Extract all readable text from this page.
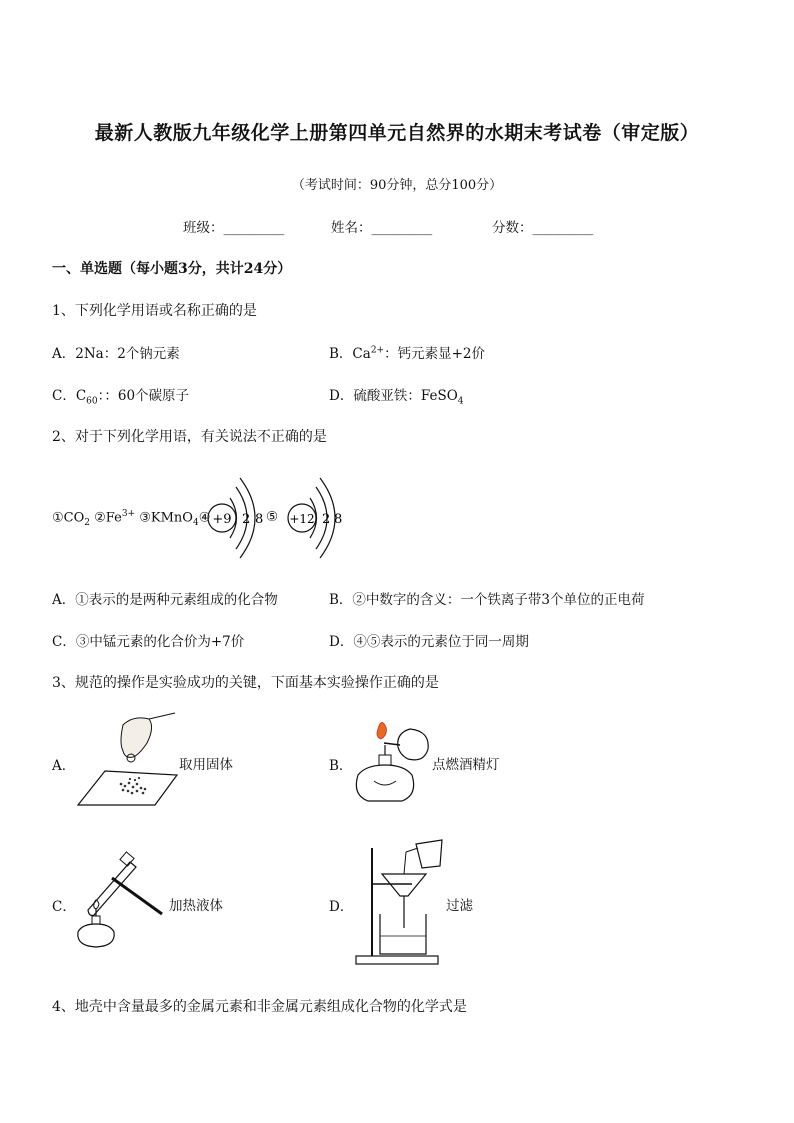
最新人教版九年级化学上册第四单元自然界的水期末考试卷（审定版）
（考试时间：90分钟，总分100分）
班级：_________	姓名：_________	分数：_________
一、单选题（每小题3分，共计24分）
1、下列化学用语或名称正确的是
A．2Na：2个钠元素	B．$Ca^{2+}$：钙元素显+2价
C．$C_{60}$：：60个碳原子	D．硫酸亚铁：FeSO$_4$
2、对于下列化学用语，有关说法不正确的是
$①CO_2$ $②Fe^{3+}$ ③KMnO$_4$④	⑤
+9 2 8 +12 2 8
A．①表示的是两种元素组成的化合物	B．②中数字的含义：一个铁离子带3个单位的正电荷
C．③中锰元素的化合价为+7价	D．④⑤表示的元素位于同一周期
3、规范的操作是实验成功的关键，下面基本实验操作正确的是
A．	取用固体	B．	点燃酒精灯
C．	加热液体	D．	过滤
4、地壳中含量最多的金属元素和非金属元素组成化合物的化学式是
